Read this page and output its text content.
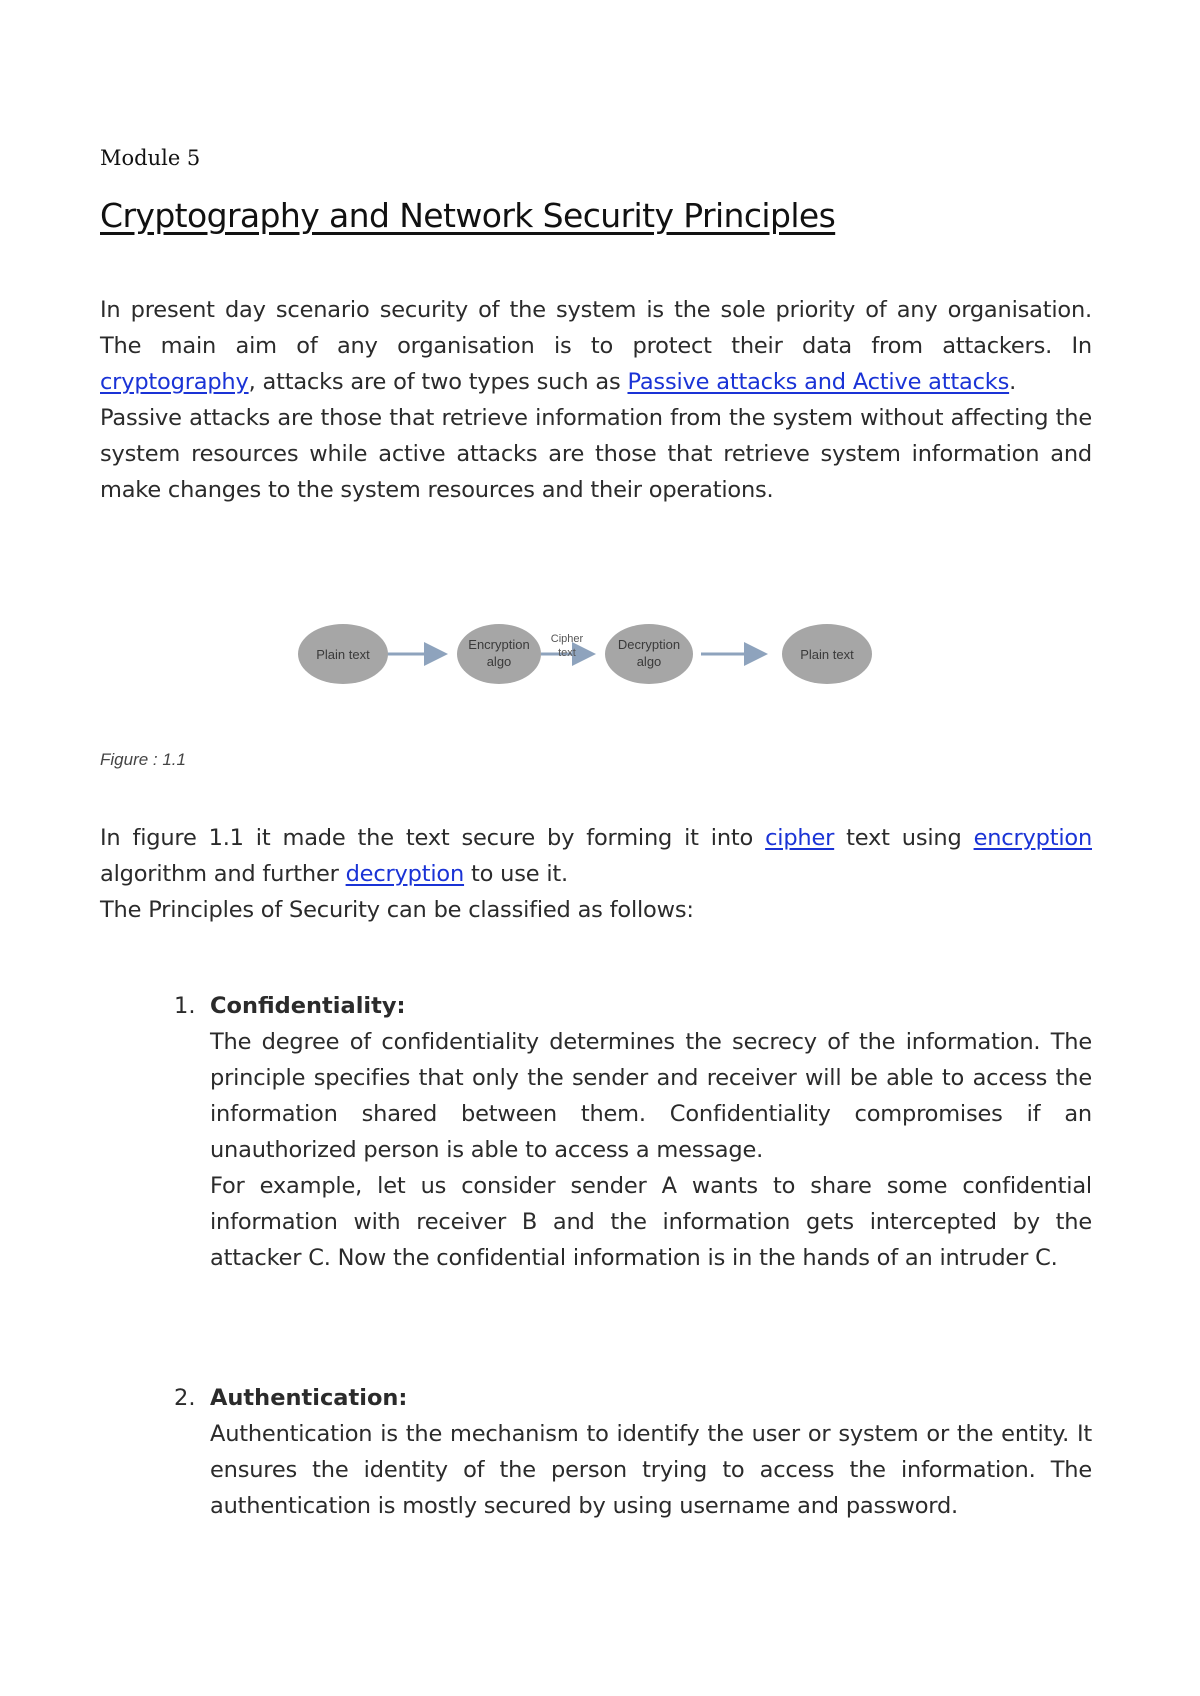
Module 5
Cryptography and Network Security Principles

In present day scenario security of the system is the sole priority of any organisation. The main aim of any organisation is to protect their data from attackers. In cryptography, attacks are of two types such as Passive attacks and Active attacks.
Passive attacks are those that retrieve information from the system without affecting the system resources while active attacks are those that retrieve system information and make changes to the system resources and their operations.

Plain text
Encryption
algo
Decryption
algo	Plain text
Cipher
text
Figure : 1.1

In figure 1.1 it made the text secure by forming it into cipher text using encryption algorithm and further decryption to use it.
The Principles of Security can be classified as follows:

1. Confidentiality:

The degree of confidentiality determines the secrecy of the information. The principle specifies that only the sender and receiver will be able to access the information shared between them. Confidentiality compromises if an unauthorized person is able to access a message.
For example, let us consider sender A wants to share some confidential information with receiver B and the information gets intercepted by the attacker C. Now the confidential information is in the hands of an intruder C.

2. Authentication:

Authentication is the mechanism to identify the user or system or the entity. It ensures the identity of the person trying to access the information. The authentication is mostly secured by using username and password.
